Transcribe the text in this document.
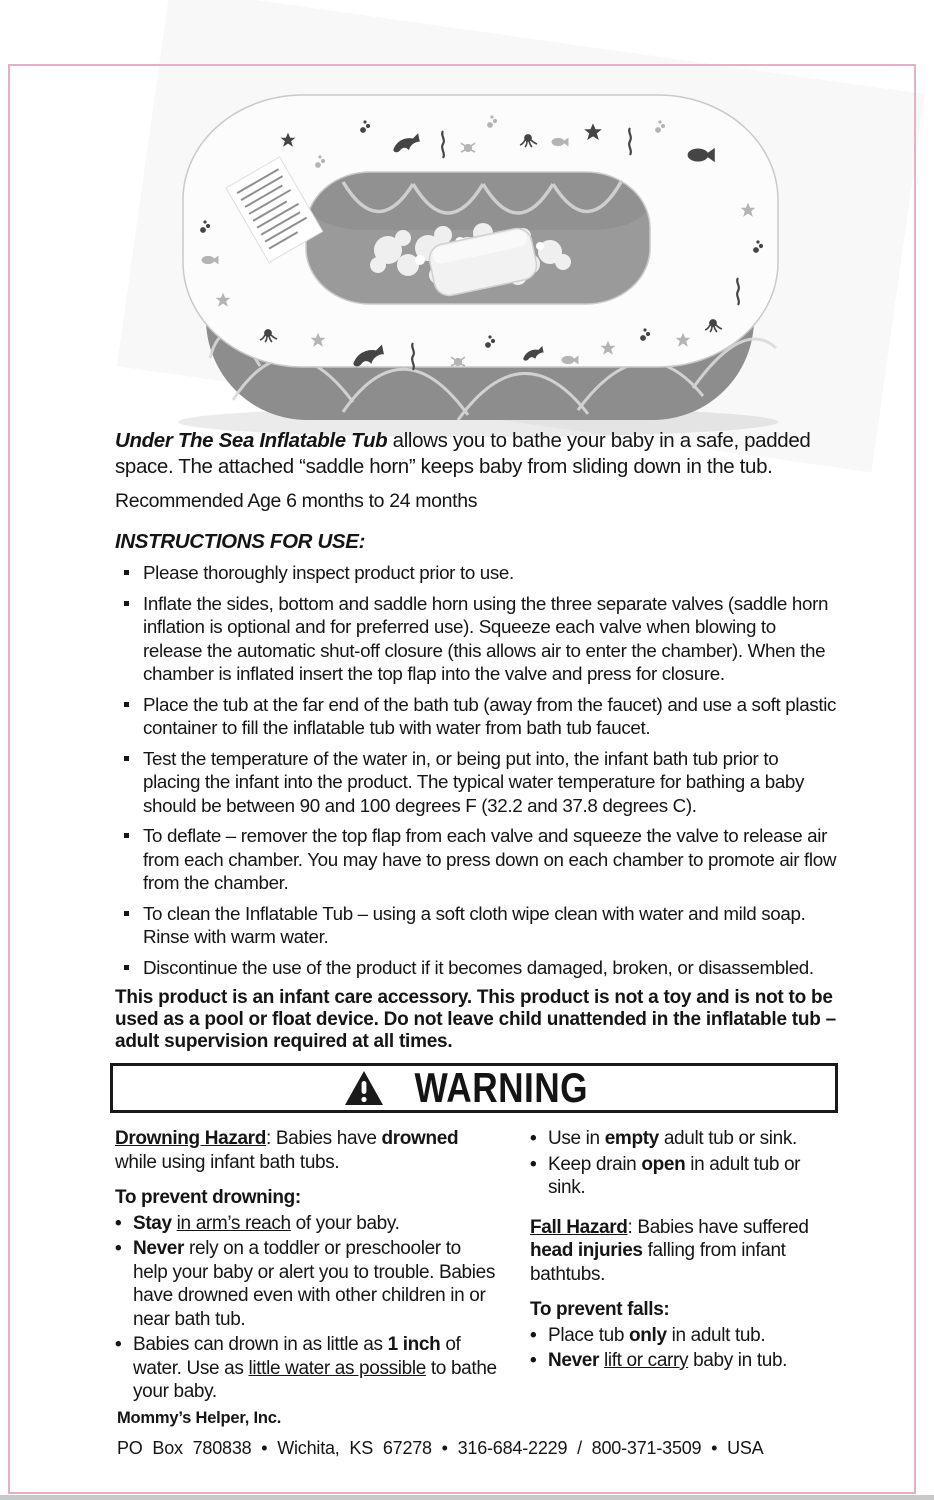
Under The Sea Inflatable Tub allows you to bathe your baby in a safe, padded space. The attached “saddle horn” keeps baby from sliding down in the tub.
Recommended Age 6 months to 24 months
INSTRUCTIONS FOR USE:
Please thoroughly inspect product prior to use.
Inflate the sides, bottom and saddle horn using the three separate valves (saddle horn inflation is optional and for preferred use). Squeeze each valve when blowing to release the automatic shut-off closure (this allows air to enter the chamber). When the chamber is inflated insert the top flap into the valve and press for closure.
Place the tub at the far end of the bath tub (away from the faucet) and use a soft plastic container to fill the inflatable tub with water from bath tub faucet.
Test the temperature of the water in, or being put into, the infant bath tub prior to placing the infant into the product. The typical water temperature for bathing a baby should be between 90 and 100 degrees F (32.2 and 37.8 degrees C).
To deflate – remover the top flap from each valve and squeeze the valve to release air from each chamber. You may have to press down on each chamber to promote air flow from the chamber.
To clean the Inflatable Tub – using a soft cloth wipe clean with water and mild soap. Rinse with warm water.
Discontinue the use of the product if it becomes damaged, broken, or disassembled.
This product is an infant care accessory. This product is not a toy and is not to be used as a pool or float device. Do not leave child unattended in the inflatable tub – adult supervision required at all times.
WARNING
Drowning Hazard: Babies have drowned while using infant bath tubs.
To prevent drowning:
•
Stay in arm’s reach of your baby.
•
Never rely on a toddler or preschooler to help your baby or alert you to trouble. Babies have drowned even with other children in or near bath tub.
•
Babies can drown in as little as 1 inch of water. Use as little water as possible to bathe your baby.
•
Use in empty adult tub or sink.
•
Keep drain open in adult tub or sink.
Fall Hazard: Babies have suffered head injuries falling from infant bathtubs.
To prevent falls:
•
Place tub only in adult tub.
•
Never lift or carry baby in tub.
Mommy’s Helper, Inc.
PO Box 780838 • Wichita, KS 67278 • 316-684-2229 / 800-371-3509 • USA
